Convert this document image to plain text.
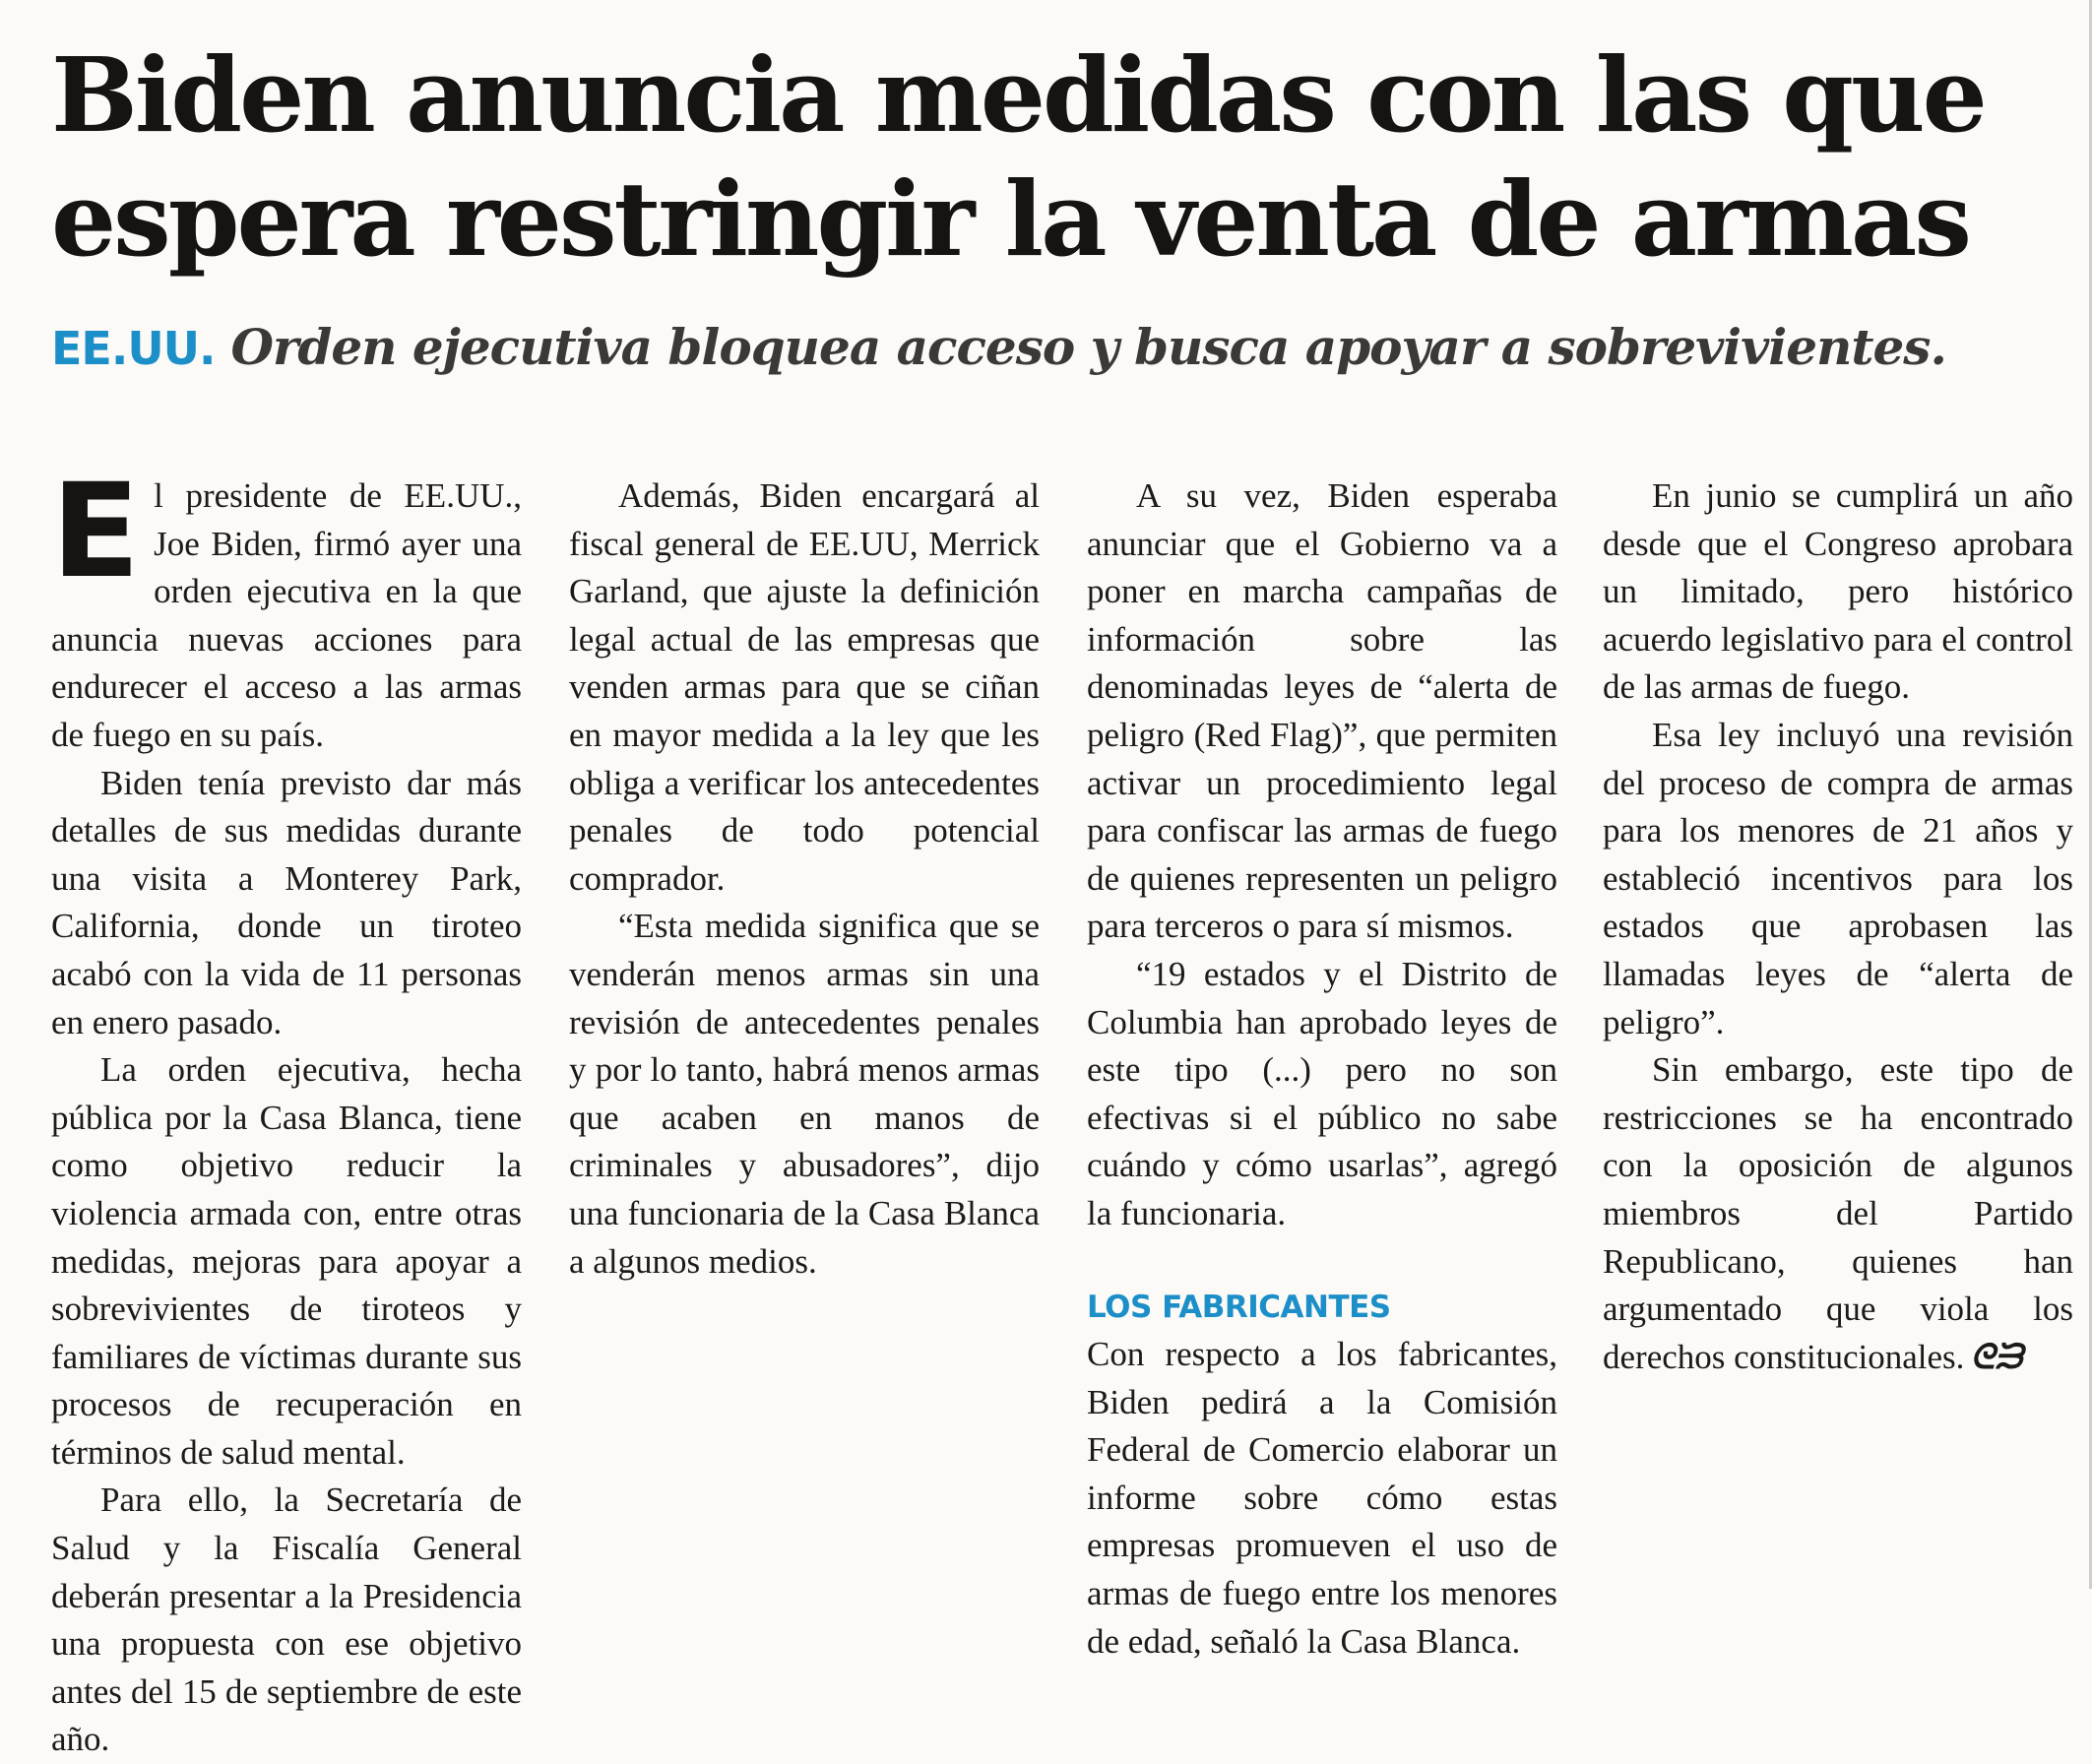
Biden anuncia medidas con las que
espera restringir la venta de armas
EE.UU. Orden ejecutiva bloquea acceso y busca apoyar a sobrevivientes.

El presidente de EE.UU., Joe Biden, firmó ayer una orden ejecutiva en la que anuncia nuevas acciones para endurecer el acceso a las armas de fuego en su país.

Biden tenía previsto dar más detalles de sus medidas durante una visita a Monterey Park, California, donde un tiroteo acabó con la vida de 11 personas en enero pasado.

La orden ejecutiva, hecha pública por la Casa Blanca, tiene como objetivo reducir la violencia armada con, entre otras medidas, mejoras para apoyar a sobrevivientes de tiroteos y familiares de víctimas durante sus procesos de recuperación en términos de salud mental.

Para ello, la Secretaría de Salud y la Fiscalía General deberán presentar a la Presidencia una propuesta con ese objetivo antes del 15 de septiembre de este año.

Además, Biden encargará al fiscal general de EE.UU, Merrick Garland, que ajuste la definición legal actual de las empresas que venden armas para que se ciñan en mayor medida a la ley que les obliga a verificar los antecedentes penales de todo potencial comprador.

“Esta medida significa que se venderán menos armas sin una revisión de antecedentes penales y por lo tanto, habrá menos armas que acaben en manos de criminales y abusadores”, dijo una funcionaria de la Casa Blanca a algunos medios.

A su vez, Biden esperaba anunciar que el Gobierno va a poner en marcha campañas de información sobre las denominadas leyes de “alerta de peligro (Red Flag)”, que permiten activar un procedimiento legal para confiscar las armas de fuego de quienes representen un peligro para terceros o para sí mismos.

“19 estados y el Distrito de Columbia han aprobado leyes de este tipo (...) pero no son efectivas si el público no sabe cuándo y cómo usarlas”, agregó la funcionaria.

LOS FABRICANTES

Con respecto a los fabricantes, Biden pedirá a la Comisión Federal de Comercio elaborar un informe sobre cómo estas empresas promueven el uso de armas de fuego entre los menores de edad, señaló la Casa Blanca.

En junio se cumplirá un año desde que el Congreso aprobara un limitado, pero histórico acuerdo legislativo para el control de las armas de fuego.

Esa ley incluyó una revisión del proceso de compra de armas para los menores de 21 años y estableció incentivos para los estados que aprobasen las llamadas leyes de “alerta de peligro”.

Sin embargo, este tipo de restricciones se ha encontrado con la oposición de algunos miembros del Partido Republicano, quienes han argumentado que viola los derechos constitucionales. ᘓᙐ
